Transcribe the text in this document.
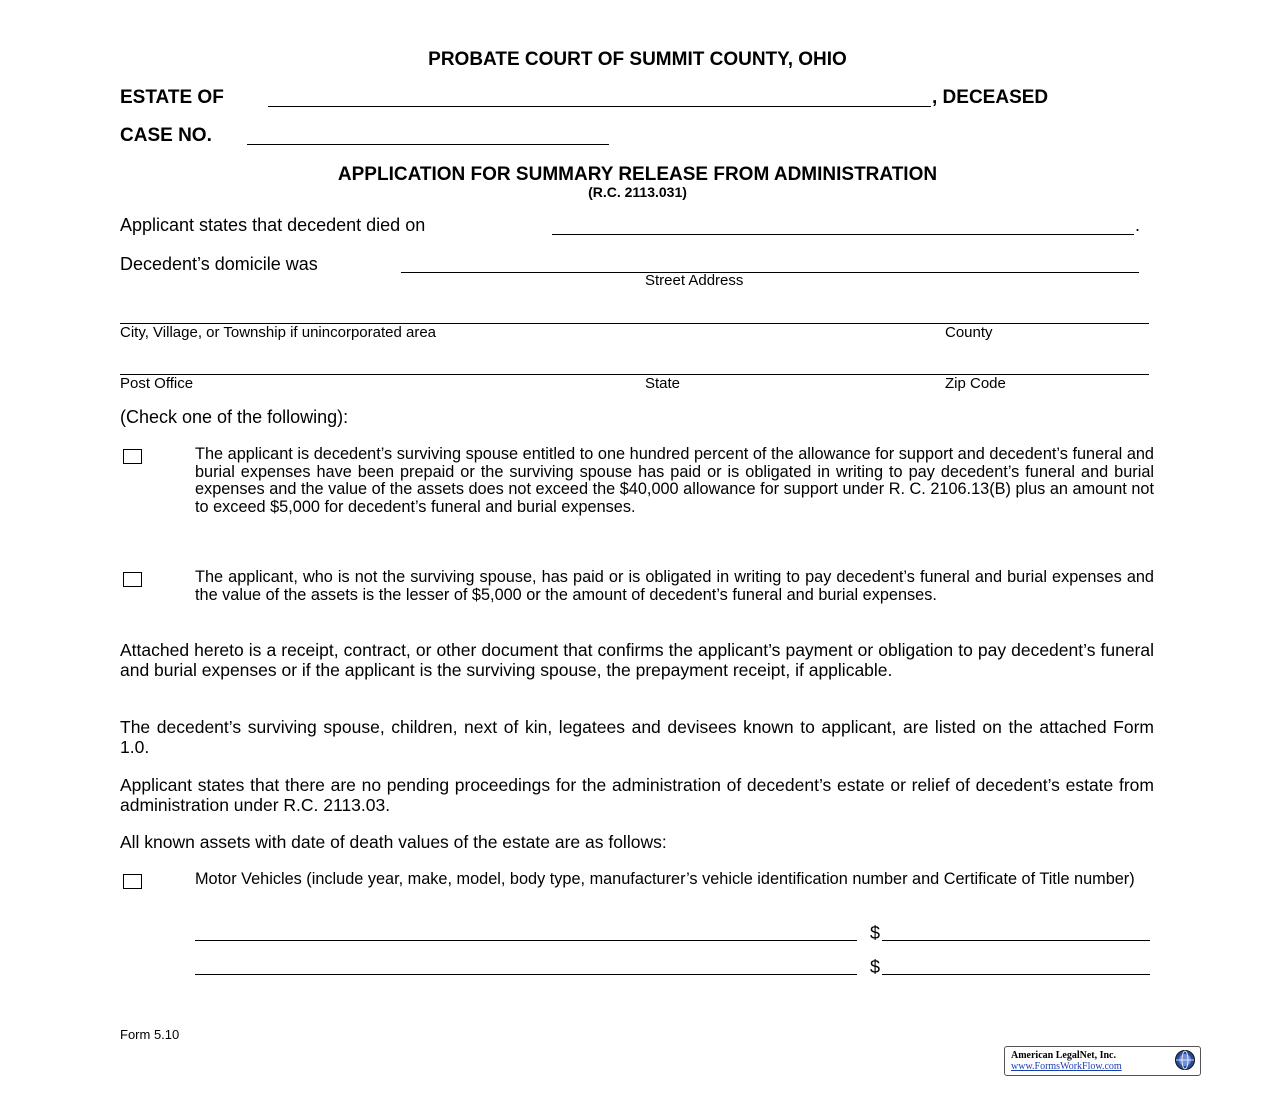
PROBATE COURT OF SUMMIT COUNTY, OHIO
ESTATE OF	, DECEASED
CASE NO.
APPLICATION FOR SUMMARY RELEASE FROM ADMINISTRATION
(R.C. 2113.031)
Applicant states that decedent died on	.
Decedent’s domicile was
Street Address
City, Village, or Township if unincorporated area	County
Post Office	State	Zip Code
(Check one of the following):
The applicant is decedent’s surviving spouse entitled to one hundred percent of the allowance for support and decedent’s funeral and burial expenses have been prepaid or the surviving spouse has paid or is obligated in writing to pay decedent’s funeral and burial expenses and the value of the assets does not exceed the $40,000 allowance for support under R. C. 2106.13(B) plus an amount not to exceed $5,000 for decedent’s funeral and burial expenses.
The applicant, who is not the surviving spouse, has paid or is obligated in writing to pay decedent’s funeral and burial expenses and the value of the assets is the lesser of $5,000 or the amount of decedent’s funeral and burial expenses.
Attached hereto is a receipt, contract, or other document that confirms the applicant’s payment or obligation to pay decedent’s funeral and burial expenses or if the applicant is the surviving spouse, the prepayment receipt, if applicable.
The decedent’s surviving spouse, children, next of kin, legatees and devisees known to applicant, are listed on the attached Form 1.0.
Applicant states that there are no pending proceedings for the administration of decedent’s estate or relief of decedent’s estate from administration under R.C. 2113.03.
All known assets with date of death values of the estate are as follows:
Motor Vehicles (include year, make, model, body type, manufacturer’s vehicle identification number and Certificate of Title number)
$
$
Form 5.10
American LegalNet, Inc.
www.FormsWorkFlow.com
